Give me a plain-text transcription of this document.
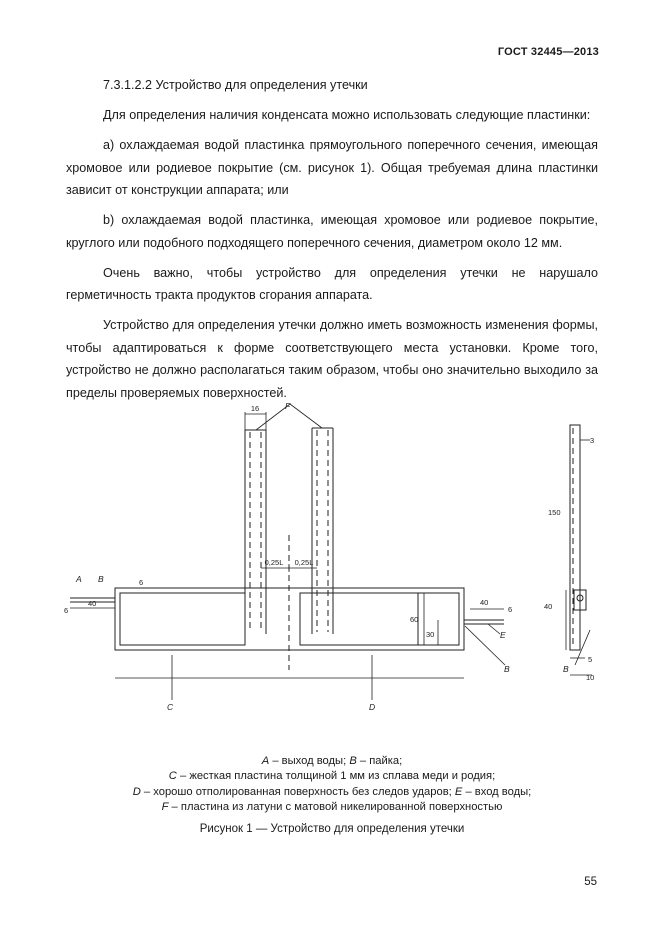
ГОСТ 32445—2013

7.3.1.2.2 Устройство для определения утечки

Для определения наличия конденсата можно использовать следующие пластинки:

а) охлаждаемая водой пластинка прямоугольного поперечного сечения, имеющая хромовое или родиевое покрытие (см. рисунок 1). Общая требуемая длина пластинки зависит от конструкции аппарата; или

b) охлаждаемая водой пластинка, имеющая хромовое или родиевое покрытие, круглого или подобного подходящего поперечного сечения, диаметром около 12 мм.

Очень важно, чтобы устройство для определения утечки не нарушало герметичность тракта продуктов сгорания аппарата.

Устройство для определения утечки должно иметь возможность изменения формы, чтобы адаптироваться к форме соответствующего места установки. Кроме того, устройство не должно располагаться таким образом, чтобы оно значительно выходило за пределы проверяемых поверхностей.

16
0,25L 0,25L
6
6
40	40
60
30
6
3
150
40
5
10
F
A B
C	D
E
B	B
A – выход воды; B – пайка;
C – жесткая пластина толщиной 1 мм из сплава меди и родия;
D – хорошо отполированная поверхность без следов ударов; E – вход воды;
F – пластина из латуни с матовой никелированной поверхностью
Рисунок 1 — Устройство для определения утечки
55
